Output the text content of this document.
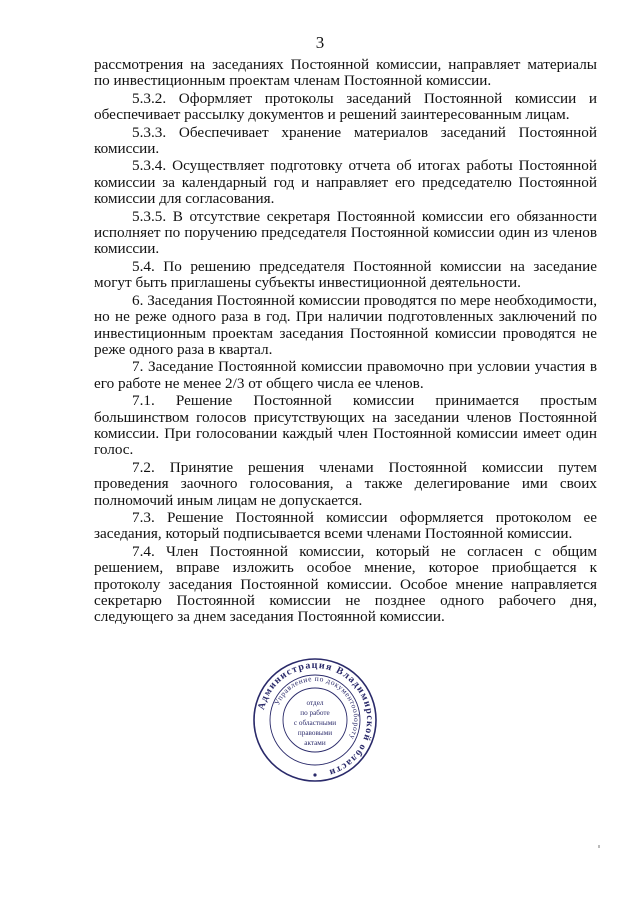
3

рассмотрения на заседаниях Постоянной комиссии, направляет материалы по инвестиционным проектам членам Постоянной комиссии.

5.3.2. Оформляет протоколы заседаний Постоянной комиссии и обеспечивает рассылку документов и решений заинтересованным лицам.

5.3.3. Обеспечивает хранение материалов заседаний Постоянной комиссии.

5.3.4. Осуществляет подготовку отчета об итогах работы Постоянной комиссии за календарный год и направляет его председателю Постоянной комиссии для согласования.

5.3.5. В отсутствие секретаря Постоянной комиссии его обязанности исполняет по поручению председателя Постоянной комиссии один из членов комиссии.

5.4. По решению председателя Постоянной комиссии на заседание могут быть приглашены субъекты инвестиционной деятельности.

6. Заседания Постоянной комиссии проводятся по мере необходимости, но не реже одного раза в год. При наличии подготовленных заключений по инвестиционным проектам заседания Постоянной комиссии проводятся не реже одного раза в квартал.

7. Заседание Постоянной комиссии правомочно при условии участия в его работе не менее 2/3 от общего числа ее членов.

7.1. Решение Постоянной комиссии принимается простым большинством голосов присутствующих на заседании членов Постоянной комиссии. При голосовании каждый член Постоянной комиссии имеет один голос.

7.2. Принятие решения членами Постоянной комиссии путем проведения заочного голосования, а также делегирование ими своих полномочий иным лицам не допускается.

7.3. Решение Постоянной комиссии оформляется протоколом ее заседания, который подписывается всеми членами Постоянной комиссии.

7.4. Член Постоянной комиссии, который не согласен с общим решением, вправе изложить особое мнение, которое приобщается к протоколу заседания Постоянной комиссии. Особое мнение направляется секретарю Постоянной комиссии не позднее одного рабочего дня, следующего за днем заседания Постоянной комиссии.

Администрация Владимирской области
Управление по документообороту
отдел
по работе
с областными
правовыми
актами
